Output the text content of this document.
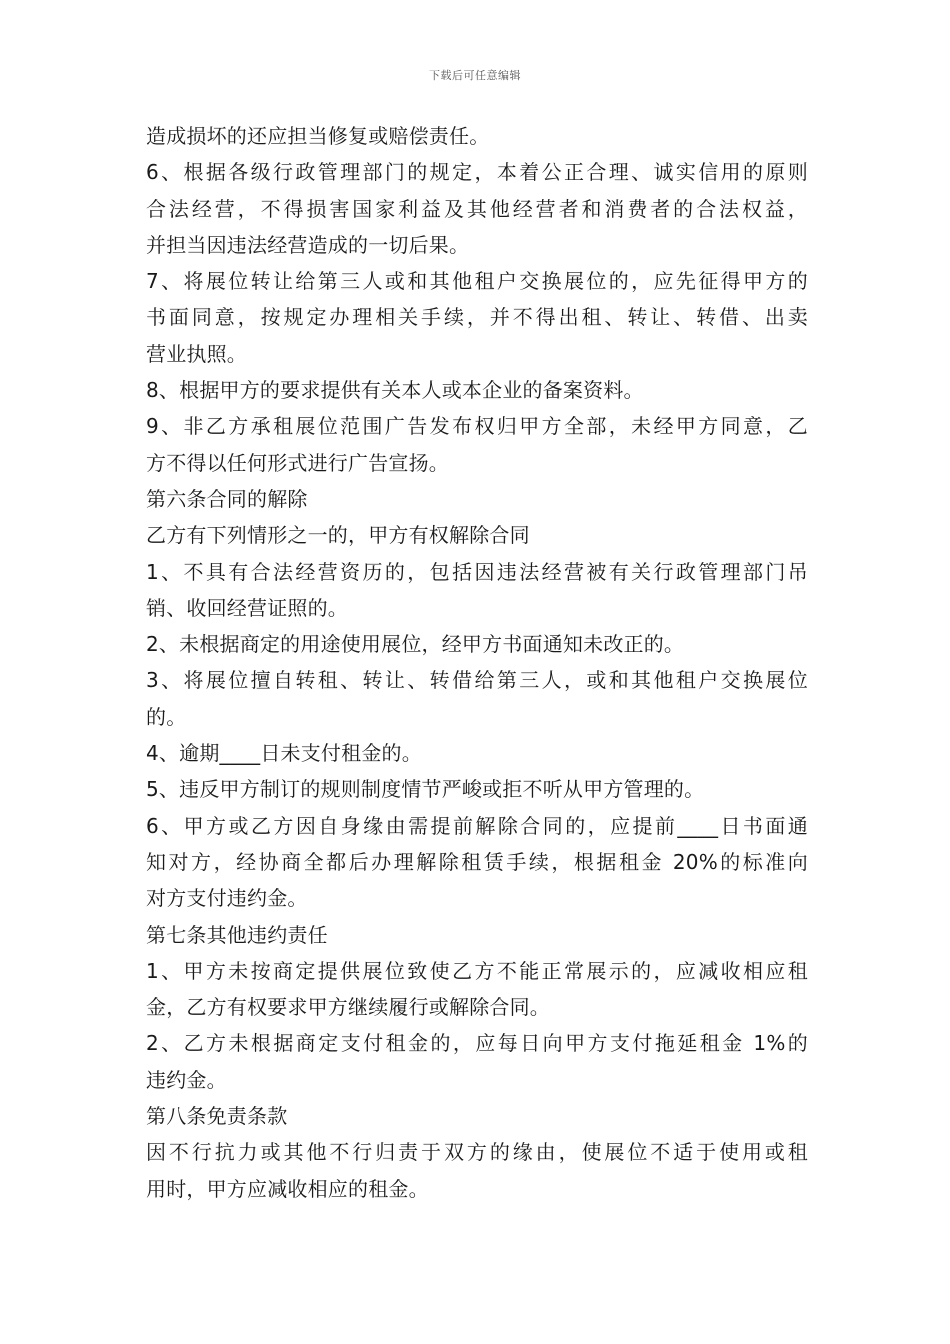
下载后可任意编辑
造成损坏的还应担当修复或赔偿责任。
6、根据各级行政管理部门的规定，本着公正合理、诚实信用的原则
合法经营，不得损害国家利益及其他经营者和消费者的合法权益，
并担当因违法经营造成的一切后果。
7、将展位转让给第三人或和其他租户交换展位的，应先征得甲方的
书面同意，按规定办理相关手续，并不得出租、转让、转借、出卖
营业执照。
8、根据甲方的要求提供有关本人或本企业的备案资料。
9、非乙方承租展位范围广告发布权归甲方全部，未经甲方同意，乙
方不得以任何形式进行广告宣扬。
第六条合同的解除
乙方有下列情形之一的，甲方有权解除合同
1、不具有合法经营资历的，包括因违法经营被有关行政管理部门吊
销、收回经营证照的。
2、未根据商定的用途使用展位，经甲方书面通知未改正的。
3、将展位擅自转租、转让、转借给第三人，或和其他租户交换展位
的。
4、逾期____日未支付租金的。
5、违反甲方制订的规则制度情节严峻或拒不听从甲方管理的。
6、甲方或乙方因自身缘由需提前解除合同的，应提前____日书面通
知对方，经协商全都后办理解除租赁手续，根据租金 20%的标准向
对方支付违约金。
第七条其他违约责任
1、甲方未按商定提供展位致使乙方不能正常展示的，应减收相应租
金，乙方有权要求甲方继续履行或解除合同。
2、乙方未根据商定支付租金的，应每日向甲方支付拖延租金 1%的
违约金。
第八条免责条款
因不行抗力或其他不行归责于双方的缘由，使展位不适于使用或租
用时，甲方应减收相应的租金。
